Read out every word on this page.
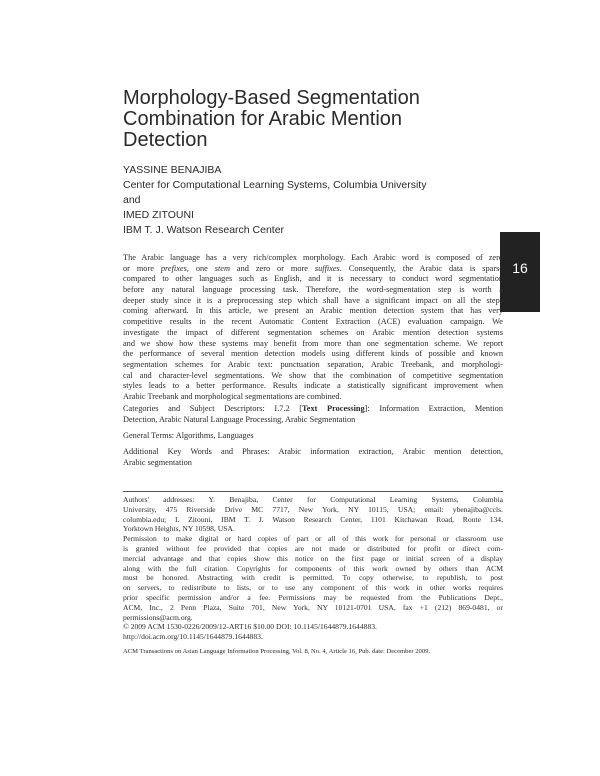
16
Morphology-Based Segmentation
Combination for Arabic Mention
Detection
YASSINE BENAJIBA
Center for Computational Learning Systems, Columbia University
and
IMED ZITOUNI
IBM T. J. Watson Research Center
The Arabic language has a very rich/complex morphology. Each Arabic word is composed of zero
or more prefixes, one stem and zero or more suffixes. Consequently, the Arabic data is sparse
compared to other languages such as English, and it is necessary to conduct word segmentation
before any natural language processing task. Therefore, the word-segmentation step is worth a
deeper study since it is a preprocessing step which shall have a significant impact on all the steps
coming afterward. In this article, we present an Arabic mention detection system that has very
competitive results in the recent Automatic Content Extraction (ACE) evaluation campaign. We
investigate the impact of different segmentation schemes on Arabic mention detection systems
and we show how these systems may benefit from more than one segmentation scheme. We report
the performance of several mention detection models using different kinds of possible and known
segmentation schemes for Arabic text: punctuation separation, Arabic Treebank, and morphologi-
cal and character-level segmentations. We show that the combination of competitive segmentation
styles leads to a better performance. Results indicate a statistically significant improvement when
Arabic Treebank and morphological segmentations are combined.
Categories and Subject Descriptors: I.7.2 [Text Processing]: Information Extraction, Mention
Detection, Arabic Natural Language Processing, Arabic Segmentation
General Terms: Algorithms, Languages
Additional Key Words and Phrases: Arabic information extraction, Arabic mention detection,
Arabic segmentation
Authors' addresses: Y. Benajiba, Center for Computational Learning Systems, Columbia
University, 475 Riverside Drive MC 7717, New York, NY 10115, USA; email: ybenajiba@ccls.
columbia.edu; I. Zitouni, IBM T. J. Watson Research Center, 1101 Kitchawan Road, Route 134,
Yorktown Heights, NY 10598, USA.
Permission to make digital or hard copies of part or all of this work for personal or classroom use
is granted without fee provided that copies are not made or distributed for profit or direct com-
mercial advantage and that copies show this notice on the first page or initial screen of a display
along with the full citation. Copyrights for components of this work owned by others than ACM
must be honored. Abstracting with credit is permitted. To copy otherwise, to republish, to post
on servers, to redistribute to lists, or to use any component of this work in other works requires
prior specific permission and/or a fee. Permissions may be requested from the Publications Dept.,
ACM, Inc., 2 Penn Plaza, Suite 701, New York, NY 10121-0701 USA, fax +1 (212) 869-0481, or
permissions@acm.org.
© 2009 ACM 1530-0226/2009/12-ART16 $10.00 DOI: 10.1145/1644879.1644883.
http://doi.acm.org/10.1145/1644879.1644883.
ACM Transactions on Asian Language Information Processing, Vol. 8, No. 4, Article 16, Pub. date: December 2009.
